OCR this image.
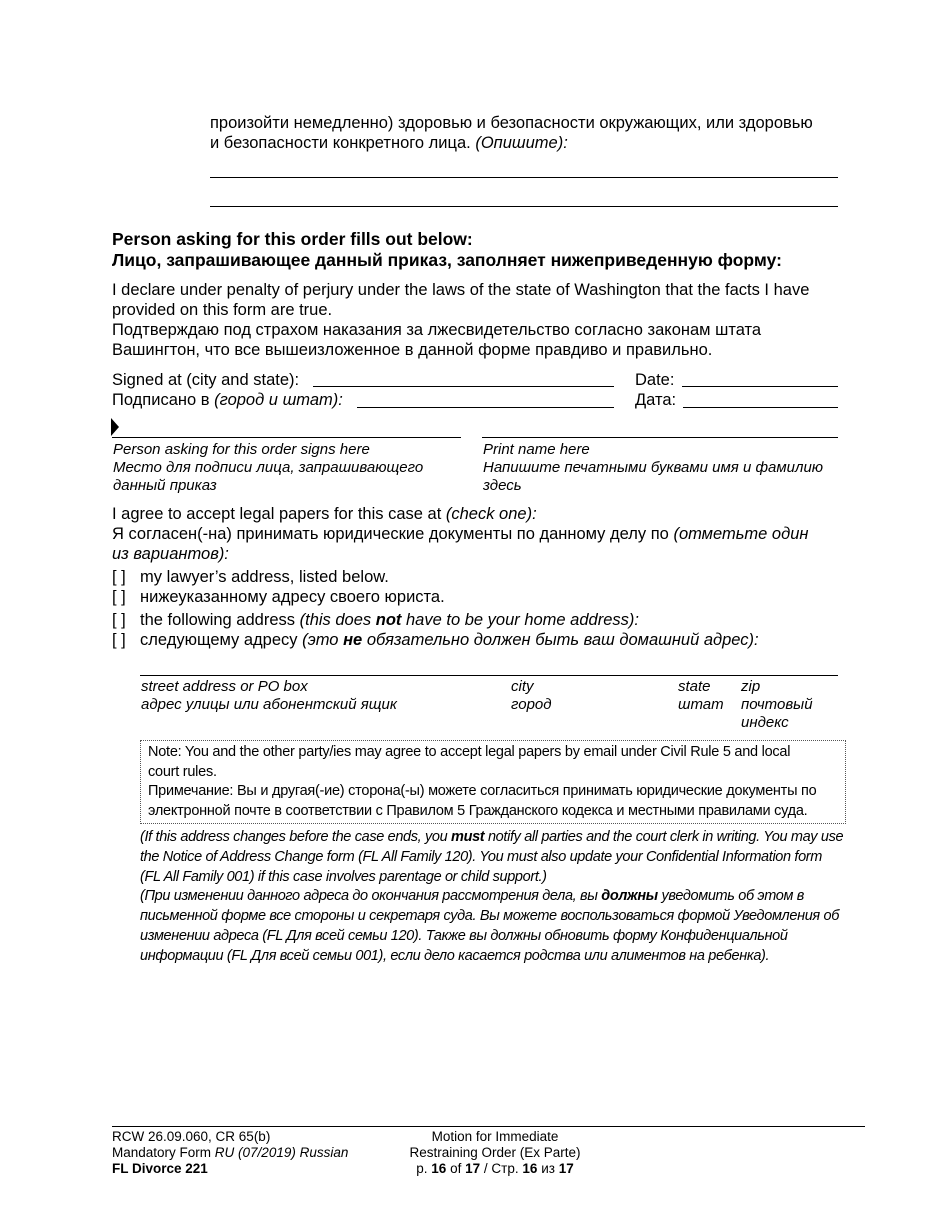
произойти немедленно) здоровью и безопасности окружающих, или здоровью
и безопасности конкретного лица. (Опишите):
Person asking for this order fills out below:
Лицо, запрашивающее данный приказ, заполняет нижеприведенную форму:
I declare under penalty of perjury under the laws of the state of Washington that the facts I have
provided on this form are true.
Подтверждаю под страхом наказания за лжесвидетельство согласно законам штата
Вашингтон, что все вышеизложенное в данной форме правдиво и правильно.
Signed at (city and state):
Подписано в (город и штат):
Date:
Дата:
Person asking for this order signs here
Место для подписи лица, запрашивающего
данный приказ
Print name here
Напишите печатными буквами имя и фамилию
здесь
I agree to accept legal papers for this case at (check one):
Я согласен(-на) принимать юридические документы по данному делу по (отметьте один
из вариантов):
[ ] my lawyer’s address, listed below.
[ ] нижеуказанному адресу своего юриста.
[ ] the following address (this does not have to be your home address):
[ ] следующему адресу (это не обязательно должен быть ваш домашний адрес):
street address or PO box
адрес улицы или абонентский ящик
city
город
state
штат
zip
почтовый
индекс
Note: You and the other party/ies may agree to accept legal papers by email under Civil Rule 5 and local
court rules.
Примечание: Вы и другая(-ие) сторона(-ы) можете согласиться принимать юридические документы по
электронной почте в соответствии с Правилом 5 Гражданского кодекса и местными правилами суда.
(If this address changes before the case ends, you must notify all parties and the court clerk in writing. You may use the Notice of Address Change form (FL All Family 120). You must also update your Confidential Information form (FL All Family 001) if this case involves parentage or child support.)
(При изменении данного адреса до окончания рассмотрения дела, вы должны уведомить об этом в письменной форме все стороны и секретаря суда. Вы можете воспользоваться формой Уведомления об изменении адреса (FL Для всей семьи 120). Также вы должны обновить форму Конфиденциальной информации (FL Для всей семьи 001), если дело касается родства или алиментов на ребенка).
RCW 26.09.060, CR 65(b)
Mandatory Form RU (07/2019) Russian
FL Divorce 221
Motion for Immediate
Restraining Order (Ex Parte)
p. 16 of 17 / Стр. 16 из 17
